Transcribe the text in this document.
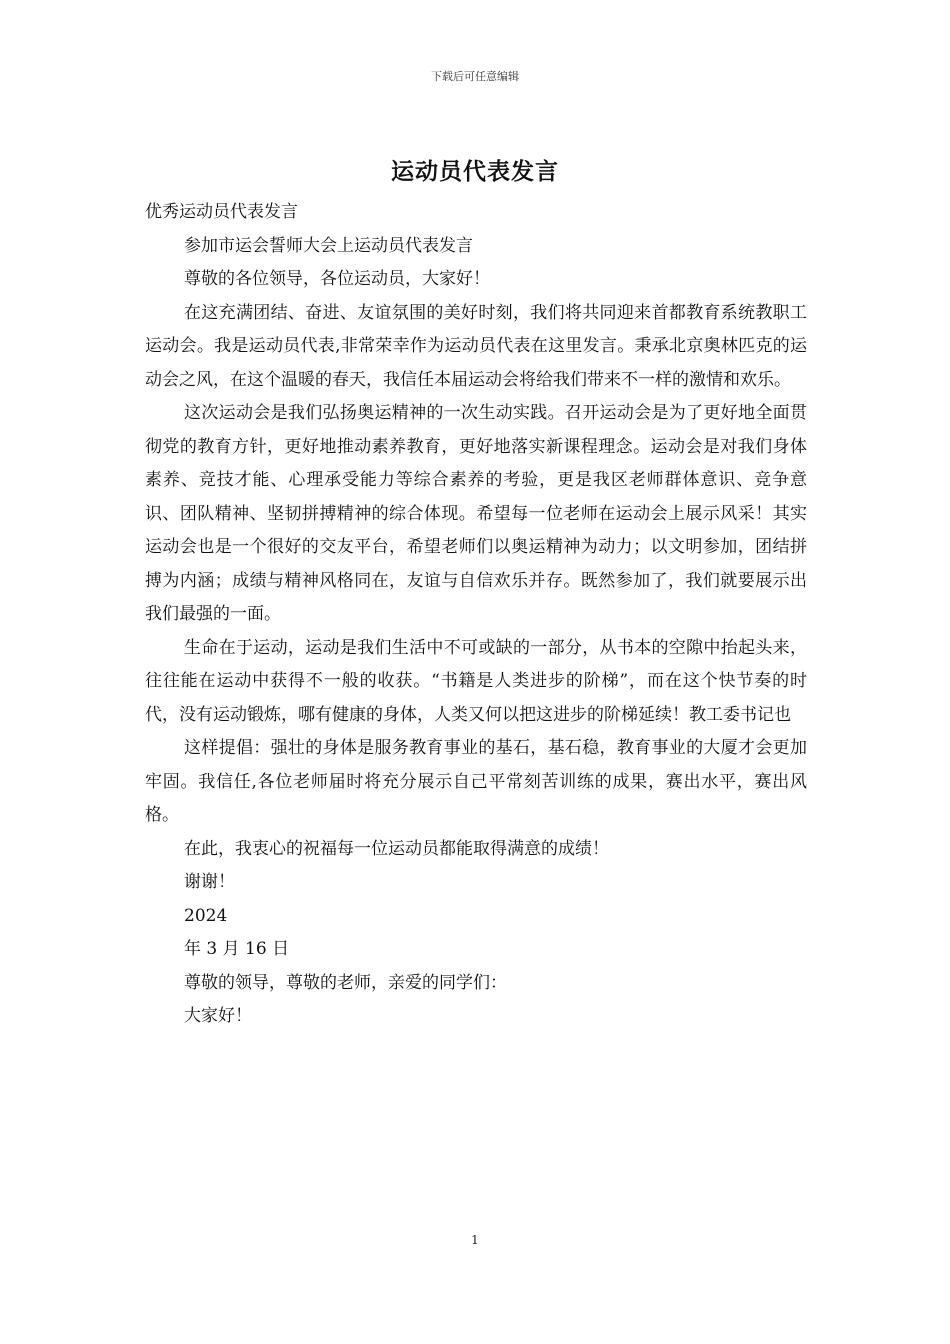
下载后可任意编辑
运动员代表发言

优秀运动员代表发言

参加市运会誓师大会上运动员代表发言

尊敬的各位领导，各位运动员，大家好！

在这充满团结、奋进、友谊氛围的美好时刻，我们将共同迎来首都教育系统教职工运动会。我是运动员代表,非常荣幸作为运动员代表在这里发言。秉承北京奥林匹克的运动会之风，在这个温暖的春天，我信任本届运动会将给我们带来不一样的激情和欢乐。

这次运动会是我们弘扬奥运精神的一次生动实践。召开运动会是为了更好地全面贯彻党的教育方针，更好地推动素养教育，更好地落实新课程理念。运动会是对我们身体素养、竞技才能、心理承受能力等综合素养的考验，更是我区老师群体意识、竞争意识、团队精神、坚韧拼搏精神的综合体现。希望每一位老师在运动会上展示风采！其实运动会也是一个很好的交友平台，希望老师们以奥运精神为动力；以文明参加，团结拼搏为内涵；成绩与精神风格同在，友谊与自信欢乐并存。既然参加了，我们就要展示出我们最强的一面。

生命在于运动，运动是我们生活中不可或缺的一部分，从书本的空隙中抬起头来，往往能在运动中获得不一般的收获。“书籍是人类进步的阶梯”，而在这个快节奏的时代，没有运动锻炼，哪有健康的身体，人类又何以把这进步的阶梯延续！教工委书记也

这样提倡：强壮的身体是服务教育事业的基石，基石稳，教育事业的大厦才会更加牢固。我信任,各位老师届时将充分展示自己平常刻苦训练的成果，赛出水平，赛出风格。

在此，我衷心的祝福每一位运动员都能取得满意的成绩！

谢谢！

2024

年 3 月 16 日

尊敬的领导，尊敬的老师，亲爱的同学们：

大家好！

1
